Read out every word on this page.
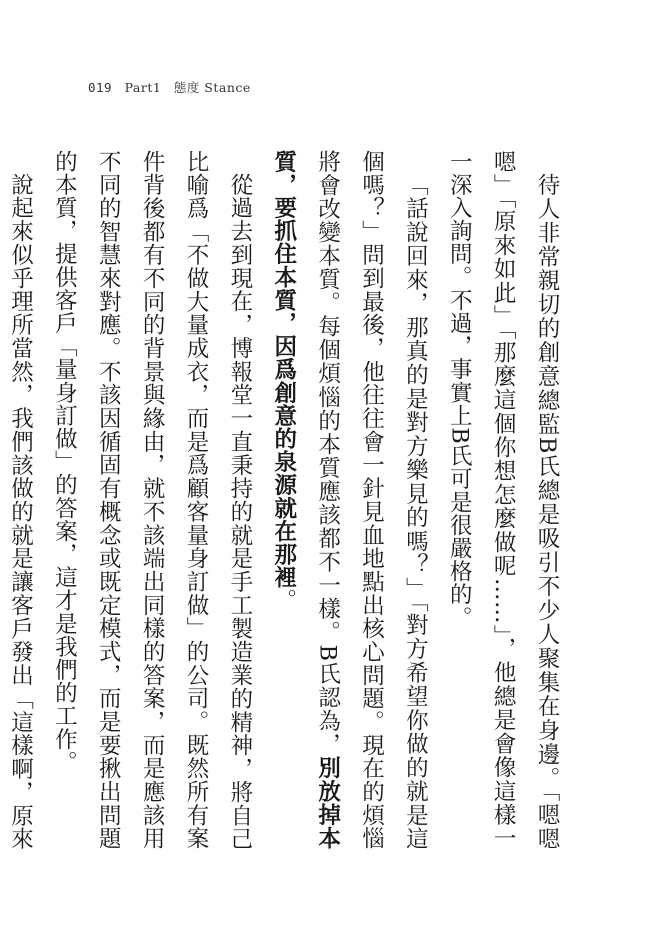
019 Part1 態度 Stance

待人非常親切的創意總監B氏總是吸引不少人聚集在身邊。「嗯嗯嗯」「原來如此」「那麼這個你想怎麼做呢……」，他總是會像這樣一一深入詢問。不過，事實上B氏可是很嚴格的。

「話說回來，那真的是對方樂見的嗎？」「對方希望你做的就是這個嗎？」問到最後，他往往會一針見血地點出核心問題。現在的煩惱將會改變本質。每個煩惱的本質應該都不一樣。B氏認為，別放掉本質，要抓住本質，因爲創意的泉源就在那裡。

從過去到現在，博報堂一直秉持的就是手工製造業的精神，將自己比喻爲「不做大量成衣，而是爲顧客量身訂做」的公司。既然所有案件背後都有不同的背景與緣由，就不該端出同樣的答案，而是應該用不同的智慧來對應。不該因循固有概念或既定模式，而是要揪出問題的本質，提供客戶「量身訂做」的答案，這才是我們的工作。

說起來似乎理所當然，我們該做的就是讓客戶發出「這樣啊，原來
